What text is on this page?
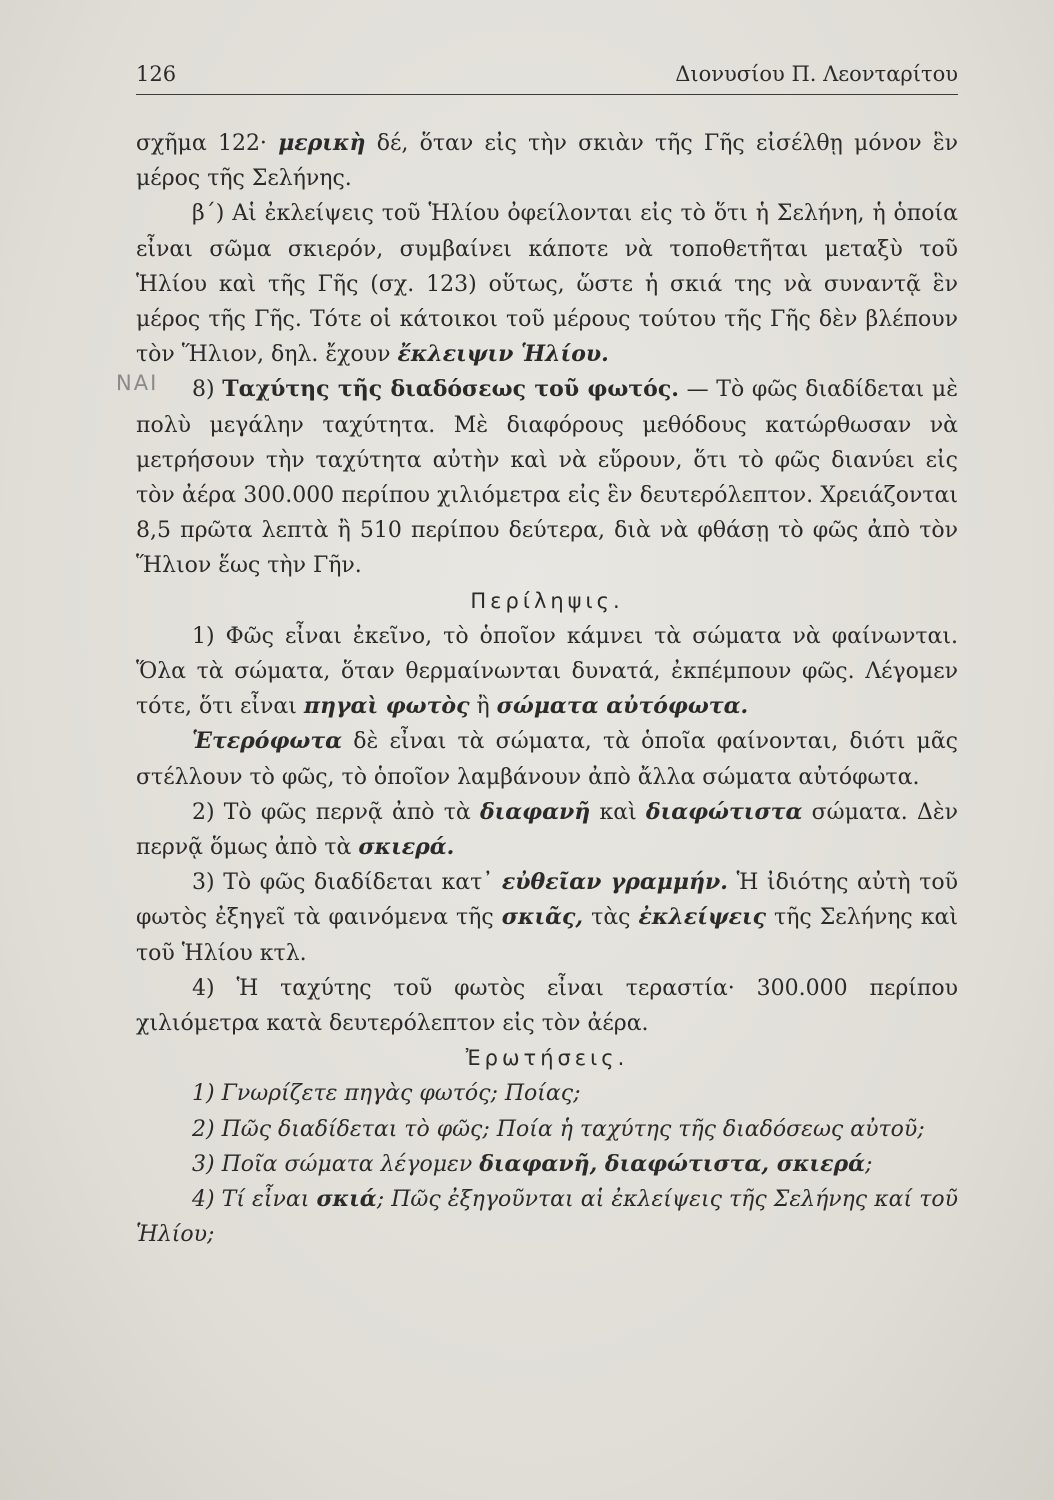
126	Διονυσίου Π. Λεονταρίτου
ΝΑΙ

σχῆμα 122· μερικὴ δέ, ὅταν εἰς τὴν σκιὰν τῆς Γῆς εἰσέλθῃ μόνον ἓν μέρος τῆς Σελήνης.

β΄) Αἱ ἐκλείψεις τοῦ Ἡλίου ὀφείλονται εἰς τὸ ὅτι ἡ Σελήνη, ἡ ὁποία εἶναι σῶμα σκιερόν, συμβαίνει κάποτε νὰ τοποθετῆται μεταξὺ τοῦ Ἡλίου καὶ τῆς Γῆς (σχ. 123) οὕτως, ὥστε ἡ σκιά της νὰ συναντᾷ ἓν μέρος τῆς Γῆς. Τότε οἱ κάτοικοι τοῦ μέρους τούτου τῆς Γῆς δὲν βλέπουν τὸν Ἥλιον, δηλ. ἔχουν ἔκλειψιν Ἡλίου.

8) Ταχύτης τῆς διαδόσεως τοῦ φωτός. — Τὸ φῶς διαδίδεται μὲ πολὺ μεγάλην ταχύτητα. Μὲ διαφόρους μεθόδους κατώρθωσαν νὰ μετρήσουν τὴν ταχύτητα αὐτὴν καὶ νὰ εὕρουν, ὅτι τὸ φῶς διανύει εἰς τὸν ἀέρα 300.000 περίπου χιλιόμετρα εἰς ἓν δευτερόλεπτον. Χρειάζονται 8,5 πρῶτα λεπτὰ ἢ 510 περίπου δεύτερα, διὰ νὰ φθάσῃ τὸ φῶς ἀπὸ τὸν Ἥλιον ἕως τὴν Γῆν.

Περίληψις.

1) Φῶς εἶναι ἐκεῖνο, τὸ ὁποῖον κάμνει τὰ σώματα νὰ φαίνωνται. Ὅλα τὰ σώματα, ὅταν θερμαίνωνται δυνατά, ἐκπέμπουν φῶς. Λέγομεν τότε, ὅτι εἶναι πηγαὶ φωτὸς ἢ σώματα αὐτόφωτα.

Ἑτερόφωτα δὲ εἶναι τὰ σώματα, τὰ ὁποῖα φαίνονται, διότι μᾶς στέλλουν τὸ φῶς, τὸ ὁποῖον λαμβάνουν ἀπὸ ἄλλα σώματα αὐτόφωτα.

2) Τὸ φῶς περνᾷ ἀπὸ τὰ διαφανῆ καὶ διαφώτιστα σώματα. Δὲν περνᾷ ὅμως ἀπὸ τὰ σκιερά.

3) Τὸ φῶς διαδίδεται κατ᾽ εὐθεῖαν γραμμήν. Ἡ ἰδιότης αὐτὴ τοῦ φωτὸς ἐξηγεῖ τὰ φαινόμενα τῆς σκιᾶς, τὰς ἐκλείψεις τῆς Σελήνης καὶ τοῦ Ἡλίου κτλ.

4) Ἡ ταχύτης τοῦ φωτὸς εἶναι τεραστία· 300.000 περίπου χιλιόμετρα κατὰ δευτερόλεπτον εἰς τὸν ἀέρα.

Ἐρωτήσεις.

1) Γνωρίζετε πηγὰς φωτός; Ποίας;

2) Πῶς διαδίδεται τὸ φῶς; Ποία ἡ ταχύτης τῆς διαδόσεως αὐτοῦ;

3) Ποῖα σώματα λέγομεν διαφανῆ, διαφώτιστα, σκιερά;

4) Τί εἶναι σκιά; Πῶς ἐξηγοῦνται αἱ ἐκλείψεις τῆς Σελήνης καί τοῦ Ἡλίου;
